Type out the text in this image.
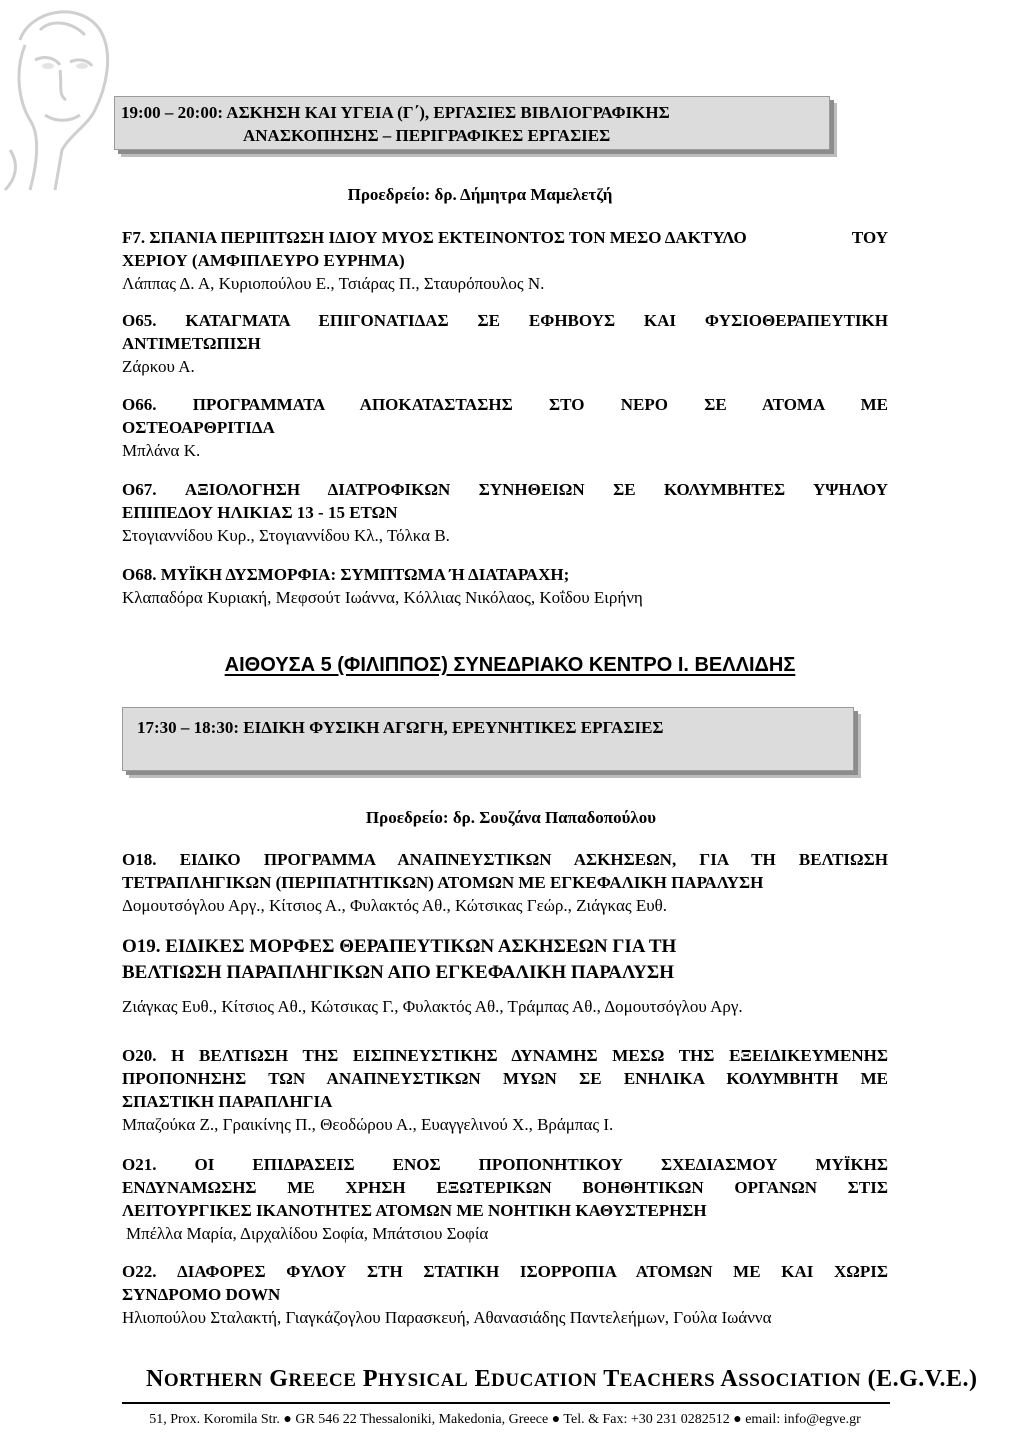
19:00 – 20:00: ΑΣΚΗΣΗ ΚΑΙ ΥΓΕΙΑ (Γ΄), ΕΡΓΑΣΙΕΣ ΒΙΒΛΙΟΓΡΑΦΙΚΗΣ
ΑΝΑΣΚΟΠΗΣΗΣ – ΠΕΡΙΓΡΑΦΙΚΕΣ ΕΡΓΑΣΙΕΣ
Προεδρείο: δρ. Δήμητρα Μαμελετζή
F7. ΣΠΑΝΙΑ ΠΕΡΙΠΤΩΣΗ ΙΔΙΟΥ ΜΥΟΣ ΕΚΤΕΙΝΟΝΤΟΣ ΤΟΝ ΜΕΣΟ ΔΑΚΤΥΛΟ	ΤΟΥ
ΧΕΡΙΟΥ (ΑΜΦΙΠΛΕΥΡΟ ΕΥΡΗΜΑ)
Λάππας Δ. Α, Κυριοπούλου Ε., Τσιάρας Π., Σταυρόπουλος Ν.
O65. ΚΑΤΑΓΜΑΤΑ ΕΠΙΓΟΝΑΤΙΔΑΣ ΣΕ ΕΦΗΒΟΥΣ ΚΑΙ ΦΥΣΙΟΘΕΡΑΠΕΥΤΙΚΗ
ΑΝΤΙΜΕΤΩΠΙΣΗ
Ζάρκου Α.
O66. ΠΡΟΓΡΑΜΜΑΤΑ ΑΠΟΚΑΤΑΣΤΑΣΗΣ ΣΤΟ ΝΕΡΟ ΣΕ ΑΤΟΜΑ ΜΕ
ΟΣΤΕΟΑΡΘΡΙΤΙΔΑ
Μπλάνα Κ.
O67. ΑΞΙΟΛΟΓΗΣΗ ΔΙΑΤΡΟΦΙΚΩΝ ΣΥΝΗΘΕΙΩΝ ΣΕ ΚΟΛΥΜΒΗΤΕΣ ΥΨΗΛΟΥ
ΕΠΙΠΕΔΟΥ ΗΛΙΚΙΑΣ 13 - 15 ΕΤΩΝ
Στογιαννίδου Κυρ., Στογιαννίδου Κλ., Τόλκα Β.
O68. ΜΥΪΚΗ ΔΥΣΜΟΡΦΙΑ: ΣΥΜΠΤΩΜΑ Ή ΔΙΑΤΑΡΑΧΗ;
Κλαπαδόρα Κυριακή, Μεφσούτ Ιωάννα, Κόλλιας Νικόλαος, Κοΐδου Ειρήνη
ΑΙΘΟΥΣΑ 5 (ΦΙΛΙΠΠΟΣ) ΣΥΝΕΔΡΙΑΚΟ ΚΕΝΤΡΟ Ι. ΒΕΛΛΙΔΗΣ
17:30 – 18:30: ΕΙΔΙΚΗ ΦΥΣΙΚΗ ΑΓΩΓΗ, ΕΡΕΥΝΗΤΙΚΕΣ ΕΡΓΑΣΙΕΣ
Προεδρείο: δρ. Σουζάνα Παπαδοπούλου
O18. ΕΙΔΙΚΟ ΠΡΟΓΡΑΜΜΑ ΑΝΑΠΝΕΥΣΤΙΚΩΝ ΑΣΚΗΣΕΩΝ, ΓΙΑ ΤΗ ΒΕΛΤΙΩΣΗ
ΤΕΤΡΑΠΛΗΓΙΚΩΝ (ΠΕΡΙΠΑΤΗΤΙΚΩΝ) ΑΤΟΜΩΝ ΜΕ ΕΓΚΕΦΑΛΙΚΗ ΠΑΡΑΛΥΣΗ
Δομουτσόγλου Αργ., Κίτσιος Α., Φυλακτός Αθ., Κώτσικας Γεώρ., Ζιάγκας Ευθ.
O19. ΕΙΔΙΚΕΣ ΜΟΡΦΕΣ ΘΕΡΑΠΕΥΤΙΚΩΝ ΑΣΚΗΣΕΩΝ ΓΙΑ ΤΗ
ΒΕΛΤΙΩΣΗ ΠΑΡΑΠΛΗΓΙΚΩΝ ΑΠΟ ΕΓΚΕΦΑΛΙΚΗ ΠΑΡΑΛΥΣΗ
Ζιάγκας Ευθ., Κίτσιος Αθ., Κώτσικας Γ., Φυλακτός Αθ., Τράμπας Αθ., Δομουτσόγλου Αργ.
O20. Η ΒΕΛΤΙΩΣΗ ΤΗΣ ΕΙΣΠΝΕΥΣΤΙΚΗΣ ΔΥΝΑΜΗΣ ΜΕΣΩ ΤΗΣ ΕΞΕΙΔΙΚΕΥΜΕΝΗΣ
ΠΡΟΠΟΝΗΣΗΣ ΤΩΝ ΑΝΑΠΝΕΥΣΤΙΚΩΝ ΜΥΩΝ ΣΕ ΕΝΗΛΙΚΑ ΚΟΛΥΜΒΗΤΗ ΜΕ
ΣΠΑΣΤΙΚΗ ΠΑΡΑΠΛΗΓΙΑ
Μπαζούκα Ζ., Γραικίνης Π., Θεοδώρου Α., Ευαγγελινού Χ., Βράμπας Ι.
O21. ΟΙ ΕΠΙΔΡΑΣΕΙΣ ΕΝΟΣ ΠΡΟΠΟΝΗΤΙΚΟΥ ΣΧΕΔΙΑΣΜΟΥ ΜΥΪΚΗΣ
ΕΝΔΥΝΑΜΩΣΗΣ ΜΕ ΧΡΗΣΗ ΕΞΩΤΕΡΙΚΩΝ ΒΟΗΘΗΤΙΚΩΝ ΟΡΓΑΝΩΝ ΣΤΙΣ
ΛΕΙΤΟΥΡΓΙΚΕΣ ΙΚΑΝΟΤΗΤΕΣ ΑΤΟΜΩΝ ΜΕ ΝΟΗΤΙΚΗ ΚΑΘΥΣΤΕΡΗΣΗ
Μπέλλα Μαρία, Διρχαλίδου Σοφία, Μπάτσιου Σοφία
O22. ΔΙΑΦΟΡΕΣ ΦΥΛΟΥ ΣΤΗ ΣΤΑΤΙΚΗ ΙΣΟΡΡΟΠΙΑ ΑΤΟΜΩΝ ΜΕ ΚΑΙ ΧΩΡΙΣ
ΣΥΝΔΡΟΜΟ DOWN
Ηλιοπούλου Σταλακτή, Γιαγκάζογλου Παρασκευή, Αθανασιάδης Παντελεήμων, Γούλα Ιωάννα
NORTHERN GREECE PHYSICAL EDUCATION TEACHERS ASSOCIATION (E.G.V.E.)
51, Prox. Koromila Str. ● GR 546 22 Thessaloniki, Makedonia, Greece ● Tel. & Fax: +30 231 0282512 ● email: info@egve.gr
